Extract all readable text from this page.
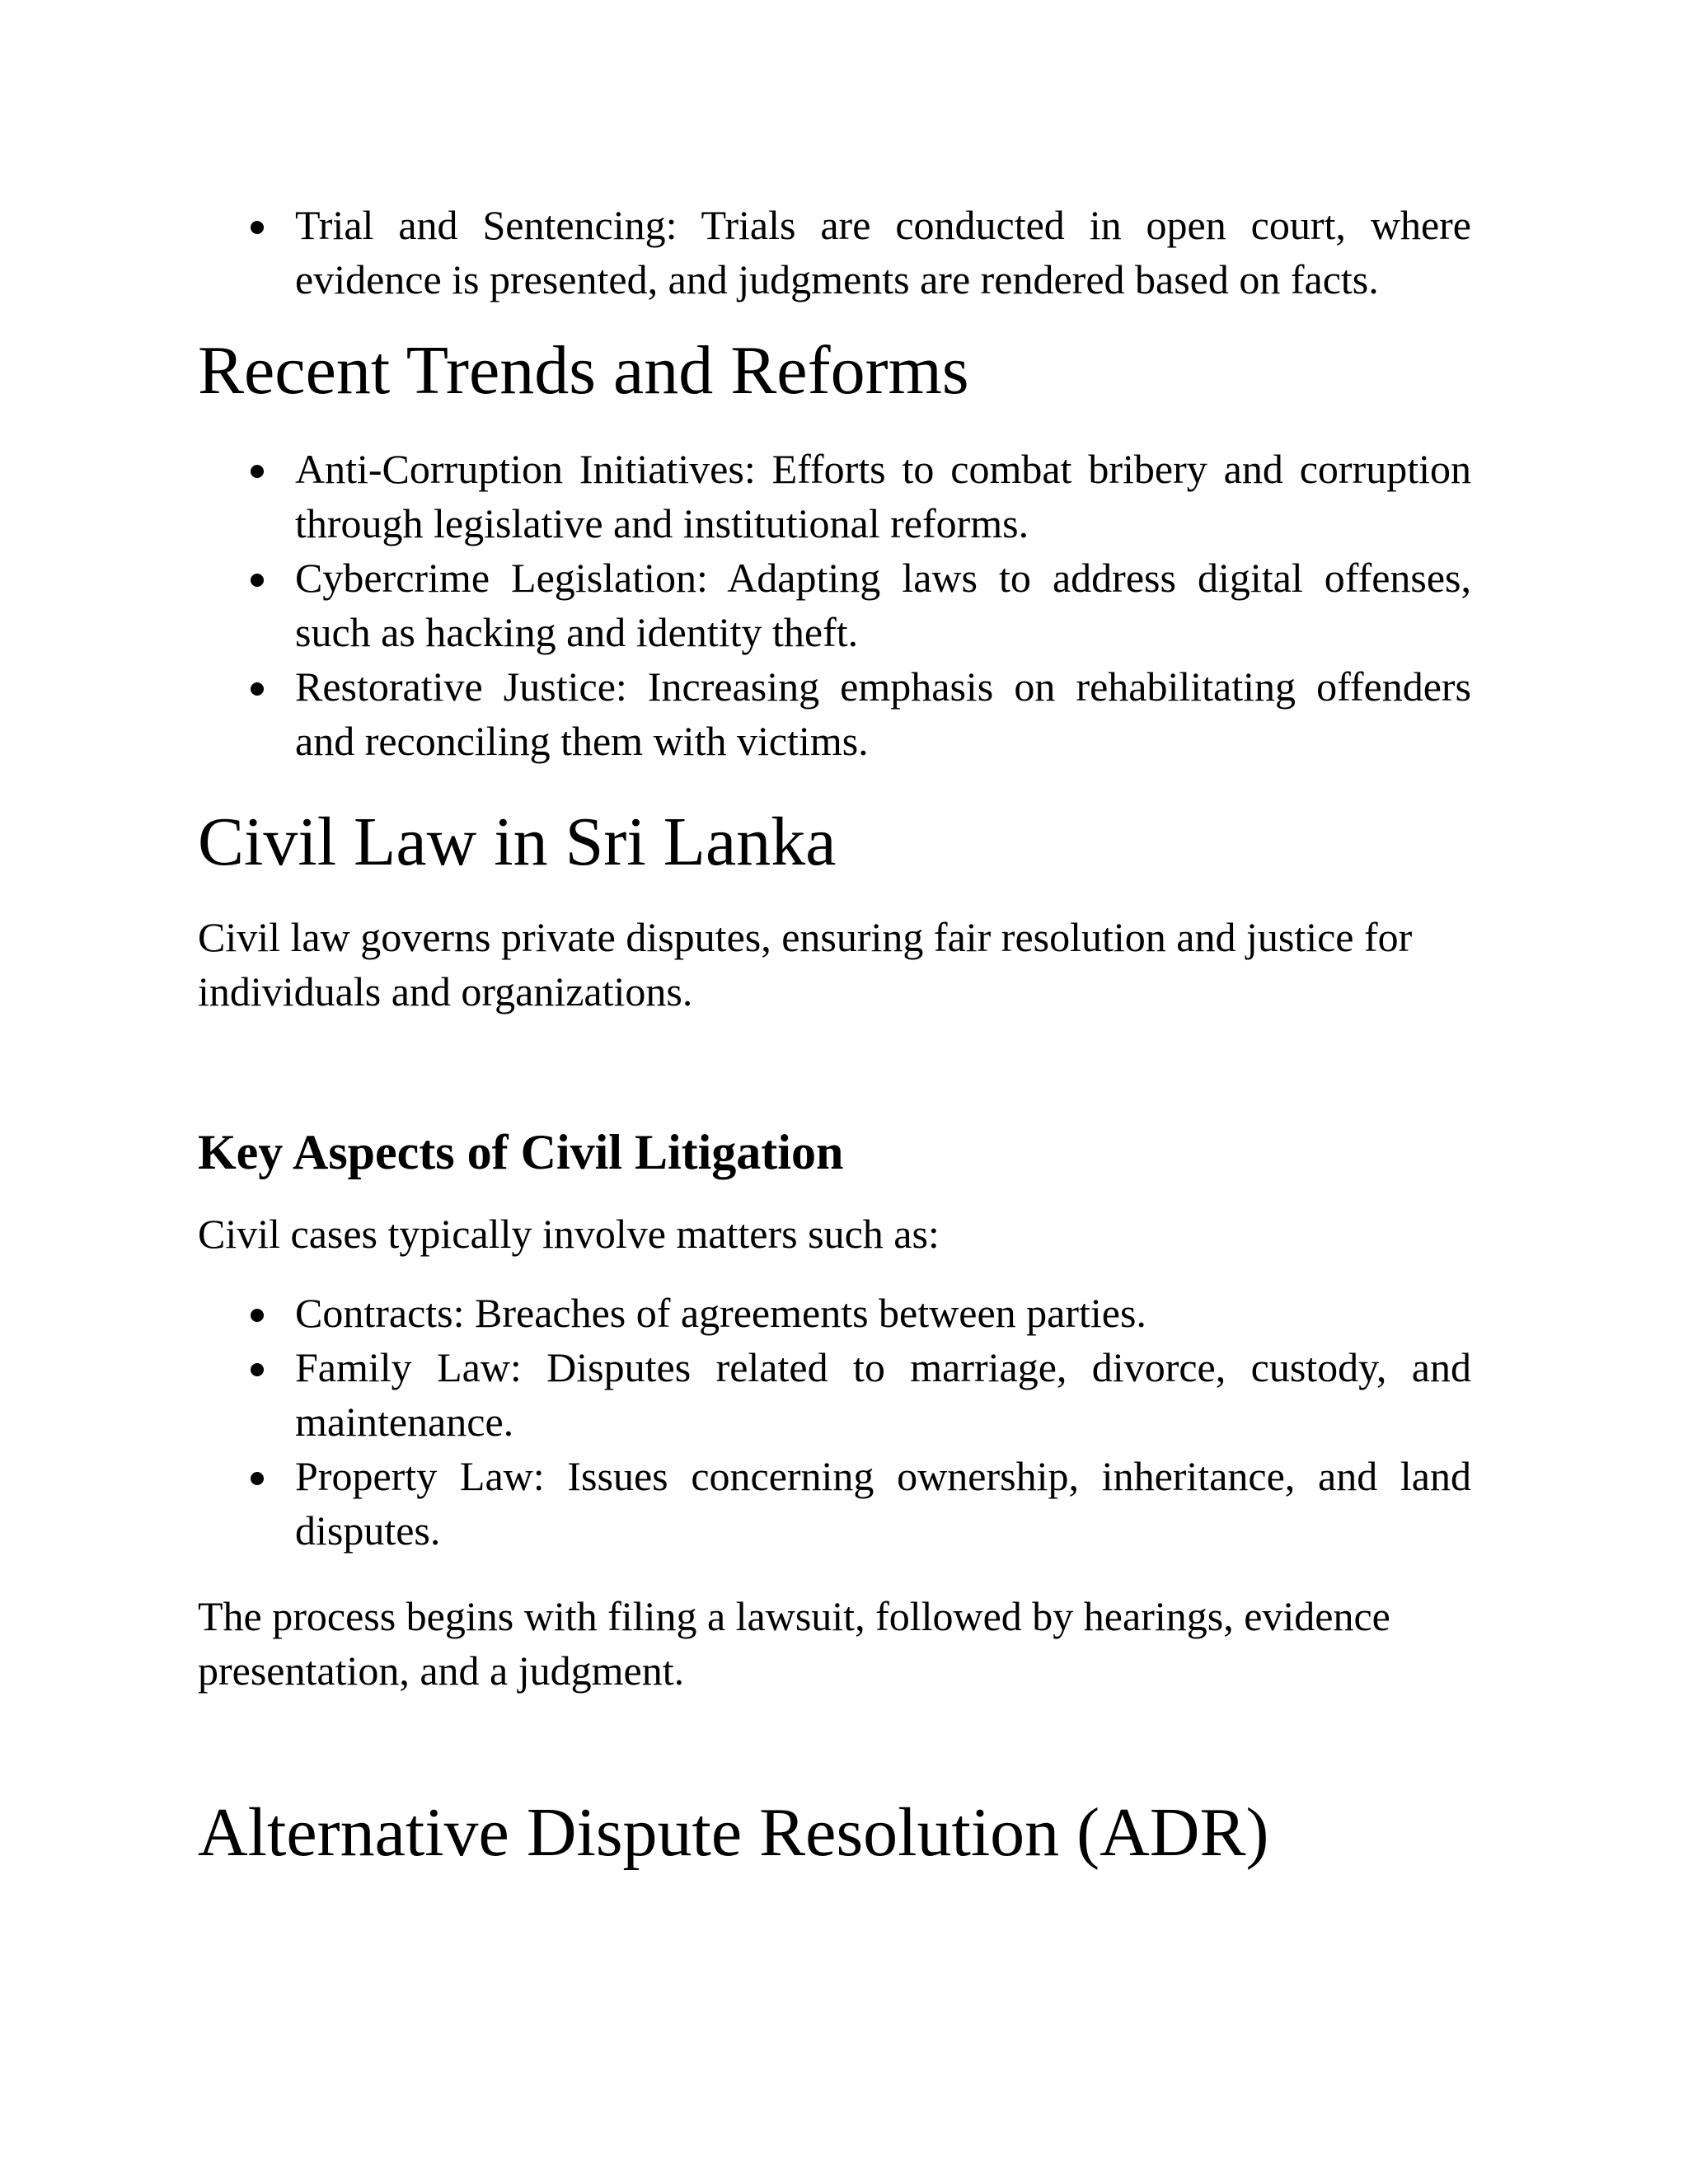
Trial and Sentencing: Trials are conducted in open court, where evidence is presented, and judgments are rendered based on facts.
Recent Trends and Reforms
Anti-Corruption Initiatives: Efforts to combat bribery and corruption through legislative and institutional reforms.
Cybercrime Legislation: Adapting laws to address digital offenses, such as hacking and identity theft.
Restorative Justice: Increasing emphasis on rehabilitating offenders and reconciling them with victims.
Civil Law in Sri Lanka

Civil law governs private disputes, ensuring fair resolution and justice for individuals and organizations.

Key Aspects of Civil Litigation

Civil cases typically involve matters such as:

Contracts: Breaches of agreements between parties.
Family Law: Disputes related to marriage, divorce, custody, and maintenance.
Property Law: Issues concerning ownership, inheritance, and land disputes.

The process begins with filing a lawsuit, followed by hearings, evidence presentation, and a judgment.

Alternative Dispute Resolution (ADR)
